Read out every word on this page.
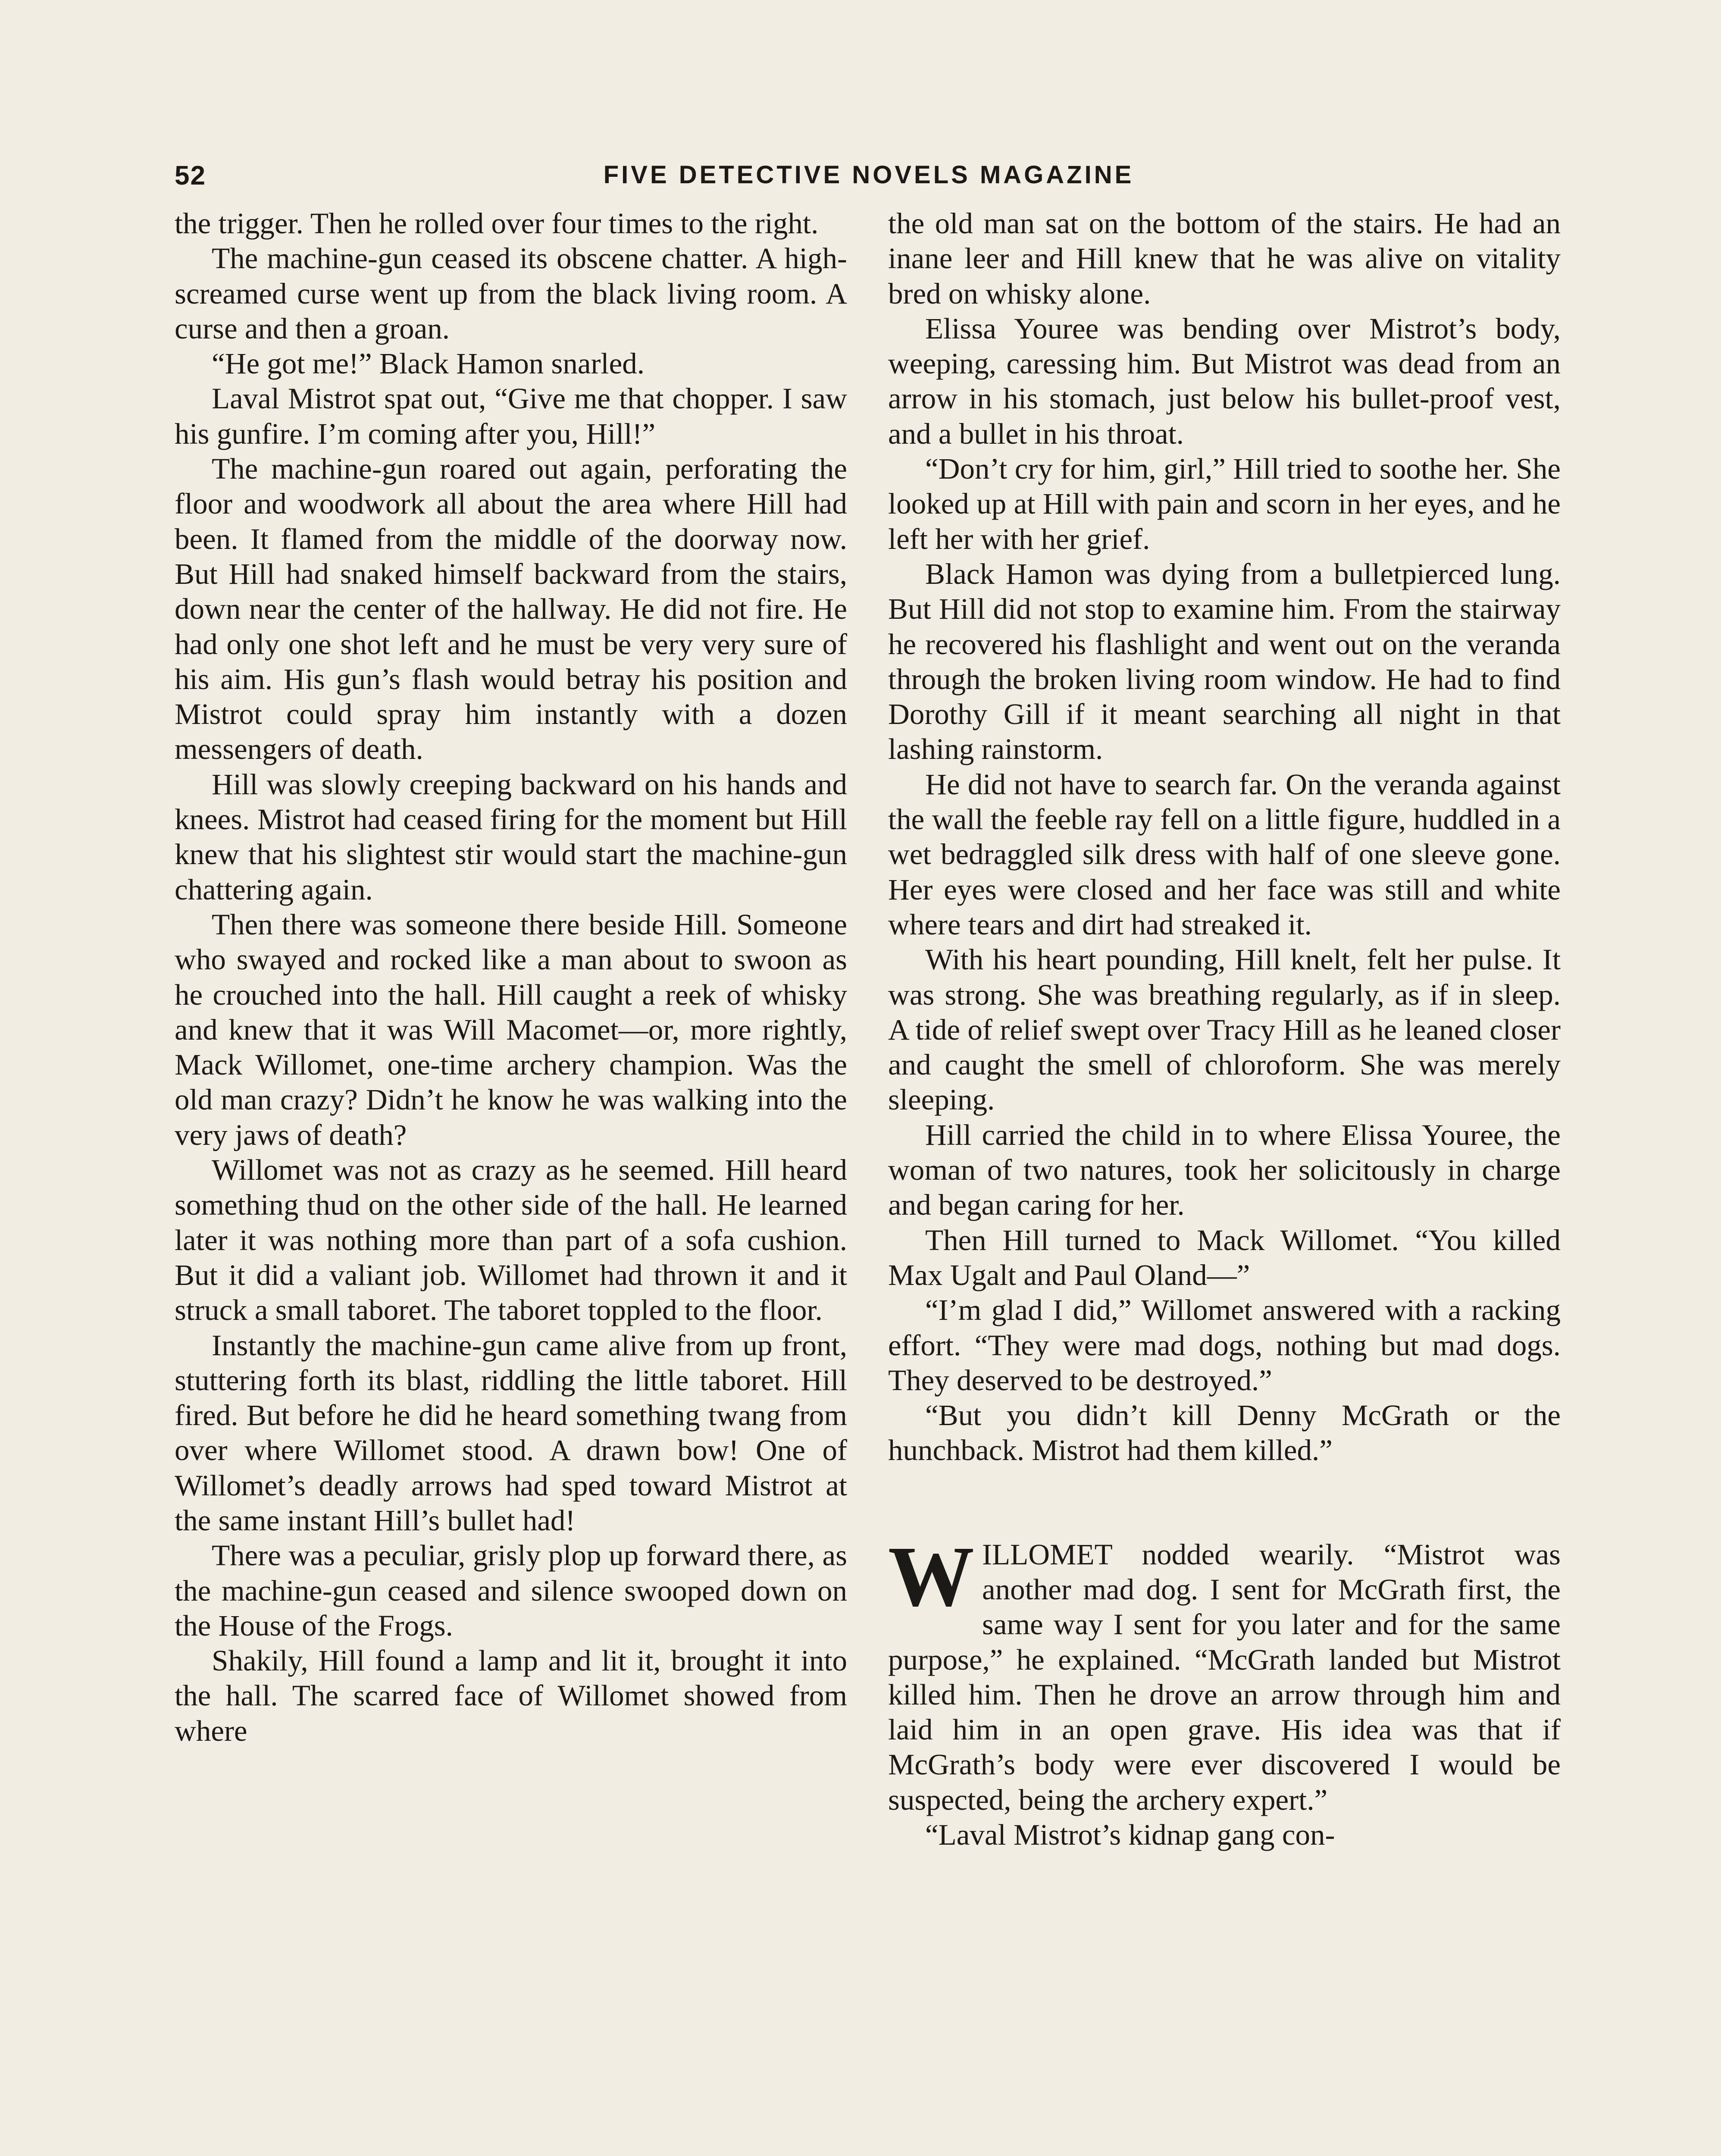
52	FIVE DETECTIVE NOVELS MAGAZINE

the trigger. Then he rolled over four times to the right.

The machine-gun ceased its obscene chatter. A high-screamed curse went up from the black living room. A curse and then a groan.

“He got me!” Black Hamon snarled.

Laval Mistrot spat out, “Give me that chopper. I saw his gunfire. I’m coming after you, Hill!”

The machine-gun roared out again, perforating the floor and woodwork all about the area where Hill had been. It flamed from the middle of the doorway now. But Hill had snaked himself backward from the stairs, down near the center of the hallway. He did not fire. He had only one shot left and he must be very very sure of his aim. His gun’s flash would betray his position and Mistrot could spray him instantly with a dozen messengers of death.

Hill was slowly creeping backward on his hands and knees. Mistrot had ceased firing for the moment but Hill knew that his slightest stir would start the machine-gun chattering again.

Then there was someone there beside Hill. Someone who swayed and rocked like a man about to swoon as he crouched into the hall. Hill caught a reek of whisky and knew that it was Will Macomet—or, more rightly, Mack Willomet, one-time archery champion. Was the old man crazy? Didn’t he know he was walking into the very jaws of death?

Willomet was not as crazy as he seemed. Hill heard something thud on the other side of the hall. He learned later it was nothing more than part of a sofa cushion. But it did a valiant job. Willomet had thrown it and it struck a small taboret. The taboret toppled to the floor.

Instantly the machine-gun came alive from up front, stuttering forth its blast, riddling the little taboret. Hill fired. But before he did he heard something twang from over where Willomet stood. A drawn bow! One of Willomet’s deadly arrows had sped toward Mistrot at the same instant Hill’s bullet had!

There was a peculiar, grisly plop up forward there, as the machine-gun ceased and silence swooped down on the House of the Frogs.

Shakily, Hill found a lamp and lit it, brought it into the hall. The scarred face of Willomet showed from where

the old man sat on the bottom of the stairs. He had an inane leer and Hill knew that he was alive on vitality bred on whisky alone.

Elissa Youree was bending over Mistrot’s body, weeping, caressing him. But Mistrot was dead from an arrow in his stomach, just below his bullet-proof vest, and a bullet in his throat.

“Don’t cry for him, girl,” Hill tried to soothe her. She looked up at Hill with pain and scorn in her eyes, and he left her with her grief.

Black Hamon was dying from a bulletpierced lung. But Hill did not stop to examine him. From the stairway he recovered his flashlight and went out on the veranda through the broken living room window. He had to find Dorothy Gill if it meant searching all night in that lashing rainstorm.

He did not have to search far. On the veranda against the wall the feeble ray fell on a little figure, huddled in a wet bedraggled silk dress with half of one sleeve gone. Her eyes were closed and her face was still and white where tears and dirt had streaked it.

With his heart pounding, Hill knelt, felt her pulse. It was strong. She was breathing regularly, as if in sleep. A tide of relief swept over Tracy Hill as he leaned closer and caught the smell of chloroform. She was merely sleeping.

Hill carried the child in to where Elissa Youree, the woman of two natures, took her solicitously in charge and began caring for her.

Then Hill turned to Mack Willomet. “You killed Max Ugalt and Paul Oland—”

“I’m glad I did,” Willomet answered with a racking effort. “They were mad dogs, nothing but mad dogs. They deserved to be destroyed.”

“But you didn’t kill Denny McGrath or the hunchback. Mistrot had them killed.”

WILLOMET nodded wearily. “Mistrot was another mad dog. I sent for McGrath first, the same way I sent for you later and for the same purpose,” he explained. “McGrath landed but Mistrot killed him. Then he drove an arrow through him and laid him in an open grave. His idea was that if McGrath’s body were ever discovered I would be suspected, being the archery expert.”

“Laval Mistrot’s kidnap gang con-
